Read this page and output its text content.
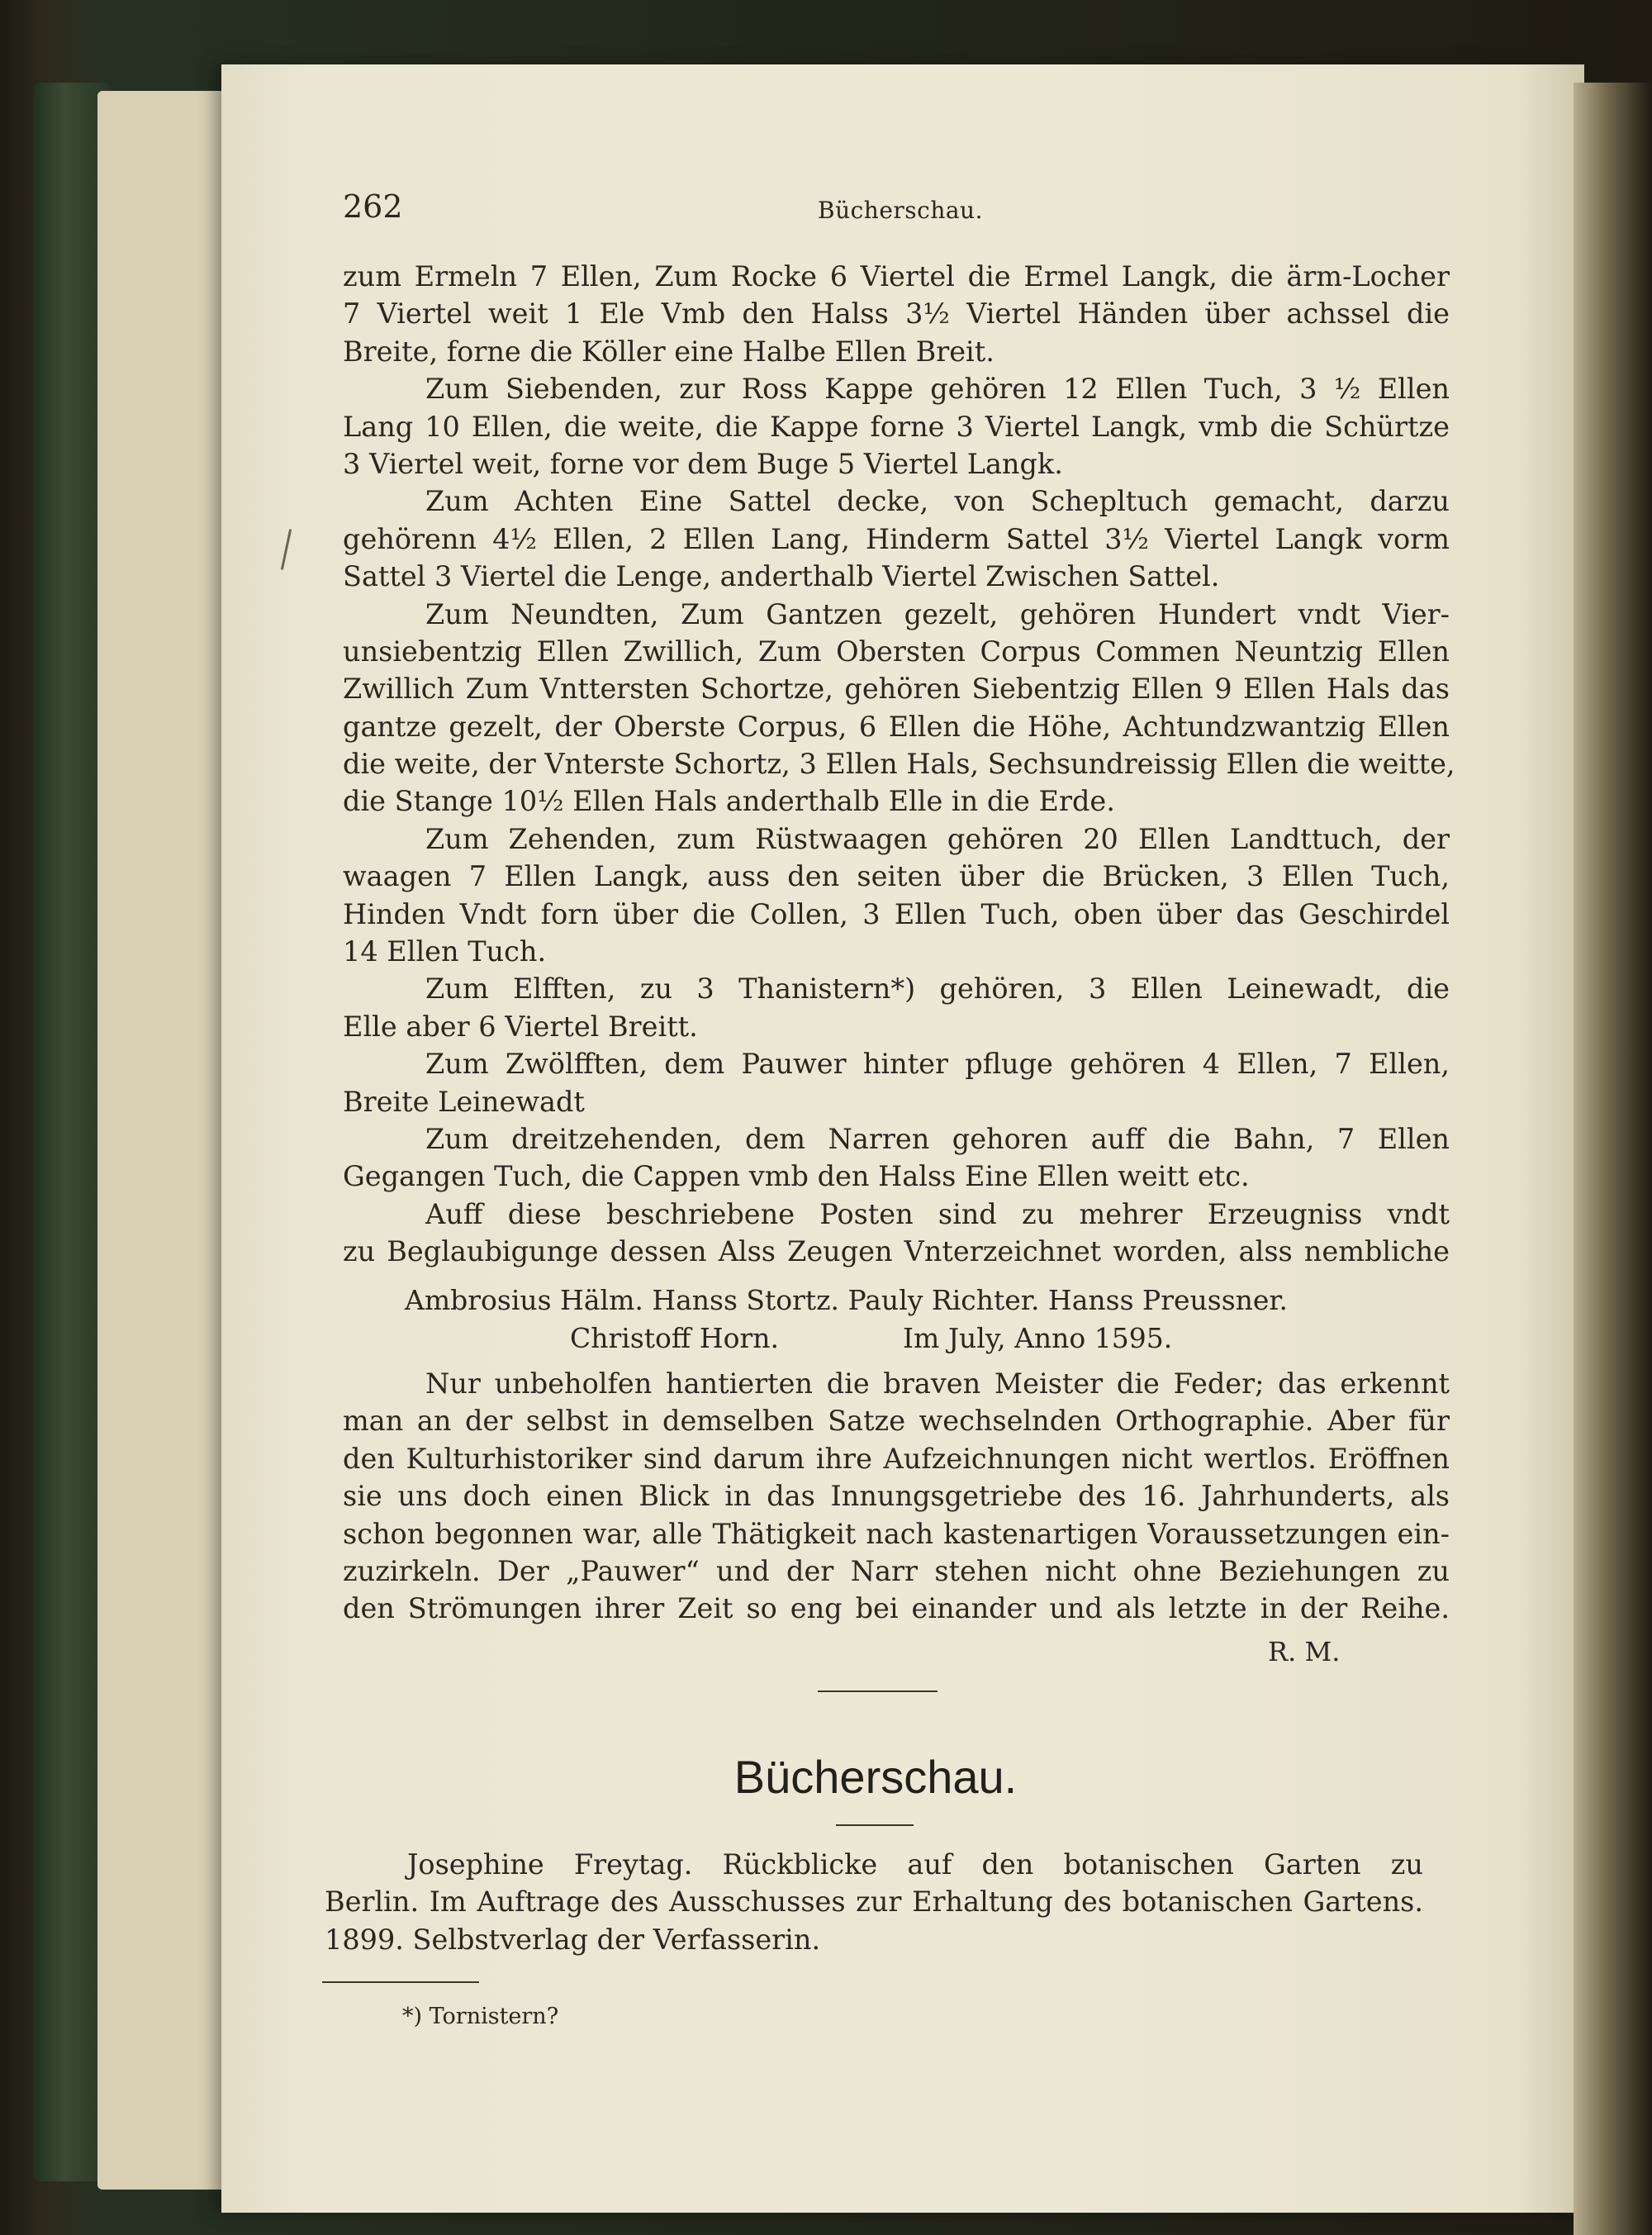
262	Bücherschau.
zum Ermeln 7 Ellen, Zum Rocke 6 Viertel die Ermel Langk, die ärm-Locher
7 Viertel weit 1 Ele Vmb den Halss 3½ Viertel Händen über achssel die
Breite, forne die Köller eine Halbe Ellen Breit.
Zum Siebenden, zur Ross Kappe gehören 12 Ellen Tuch, 3 ½ Ellen
Lang 10 Ellen, die weite, die Kappe forne 3 Viertel Langk, vmb die Schürtze
3 Viertel weit, forne vor dem Buge 5 Viertel Langk.
Zum Achten Eine Sattel decke, von Schepltuch gemacht, darzu
gehörenn 4½ Ellen, 2 Ellen Lang, Hinderm Sattel 3½ Viertel Langk vorm
Sattel 3 Viertel die Lenge, anderthalb Viertel Zwischen Sattel.
Zum Neundten, Zum Gantzen gezelt, gehören Hundert vndt Vier-
unsiebentzig Ellen Zwillich, Zum Obersten Corpus Commen Neuntzig Ellen
Zwillich Zum Vnttersten Schortze, gehören Siebentzig Ellen 9 Ellen Hals das
gantze gezelt, der Oberste Corpus, 6 Ellen die Höhe, Achtundzwantzig Ellen
die weite, der Vnterste Schortz, 3 Ellen Hals, Sechsundreissig Ellen die weitte,
die Stange 10½ Ellen Hals anderthalb Elle in die Erde.
Zum Zehenden, zum Rüstwaagen gehören 20 Ellen Landttuch, der
waagen 7 Ellen Langk, auss den seiten über die Brücken, 3 Ellen Tuch,
Hinden Vndt forn über die Collen, 3 Ellen Tuch, oben über das Geschirdel
14 Ellen Tuch.
Zum Elfften, zu 3 Thanistern*) gehören, 3 Ellen Leinewadt, die
Elle aber 6 Viertel Breitt.
Zum Zwölfften, dem Pauwer hinter pfluge gehören 4 Ellen, 7 Ellen,
Breite Leinewadt
Zum dreitzehenden, dem Narren gehoren auff die Bahn, 7 Ellen
Gegangen Tuch, die Cappen vmb den Halss Eine Ellen weitt etc.
Auff diese beschriebene Posten sind zu mehrer Erzeugniss vndt
zu Beglaubigunge dessen Alss Zeugen Vnterzeichnet worden, alss nembliche
Ambrosius Hälm. Hanss Stortz. Pauly Richter. Hanss Preussner.
Christoff Horn.	Im July, Anno 1595.
Nur unbeholfen hantierten die braven Meister die Feder; das erkennt
man an der selbst in demselben Satze wechselnden Orthographie. Aber für
den Kulturhistoriker sind darum ihre Aufzeichnungen nicht wertlos. Eröffnen
sie uns doch einen Blick in das Innungsgetriebe des 16. Jahrhunderts, als
schon begonnen war, alle Thätigkeit nach kastenartigen Voraussetzungen ein-
zuzirkeln. Der „Pauwer“ und der Narr stehen nicht ohne Beziehungen zu
den Strömungen ihrer Zeit so eng bei einander und als letzte in der Reihe.
R. M.
Bücherschau.
Josephine Freytag. Rückblicke auf den botanischen Garten zu
Berlin. Im Auftrage des Ausschusses zur Erhaltung des botanischen Gartens.
1899. Selbstverlag der Verfasserin.
*) Tornistern?
